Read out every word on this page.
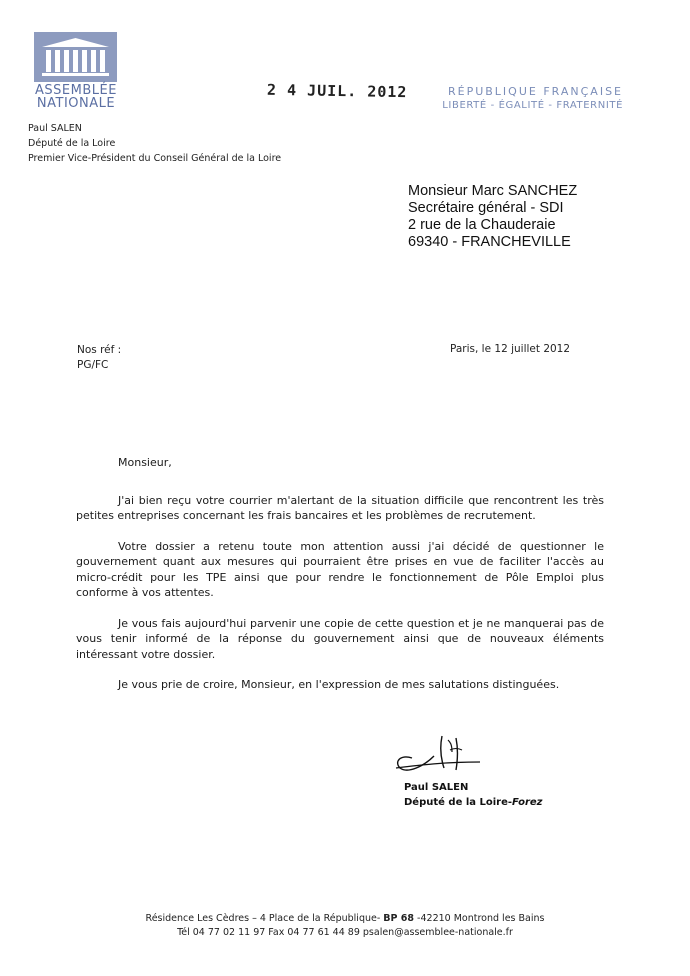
ASSEMBLÉE
NATIONALE
2 4 JUIL. 2012	RÉPUBLIQUE FRANÇAISE
LIBERTÉ - ÉGALITÉ - FRATERNITÉ
Paul SALEN
Député de la Loire
Premier Vice-Président du Conseil Général de la Loire
Monsieur Marc SANCHEZ
Secrétaire général - SDI
2 rue de la Chauderaie
69340 - FRANCHEVILLE
Nos réf :
PG/FC
Paris, le 12 juillet 2012
Monsieur,

J'ai bien reçu votre courrier m'alertant de la situation difficile que rencontrent les très petites entreprises concernant les frais bancaires et les problèmes de recrutement.

Votre dossier a retenu toute mon attention aussi j'ai décidé de questionner le gouvernement quant aux mesures qui pourraient être prises en vue de faciliter l'accès au micro-crédit pour les TPE ainsi que pour rendre le fonctionnement de Pôle Emploi plus conforme à vos attentes.

Je vous fais aujourd'hui parvenir une copie de cette question et je ne manquerai pas de vous tenir informé de la réponse du gouvernement ainsi que de nouveaux éléments intéressant votre dossier.

Je vous prie de croire, Monsieur, en l'expression de mes salutations distinguées.

Paul SALEN
Député de la Loire-Forez
Résidence Les Cèdres – 4 Place de la République- BP 68 -42210 Montrond les Bains
Tél 04 77 02 11 97 Fax 04 77 61 44 89 psalen@assemblee-nationale.fr
